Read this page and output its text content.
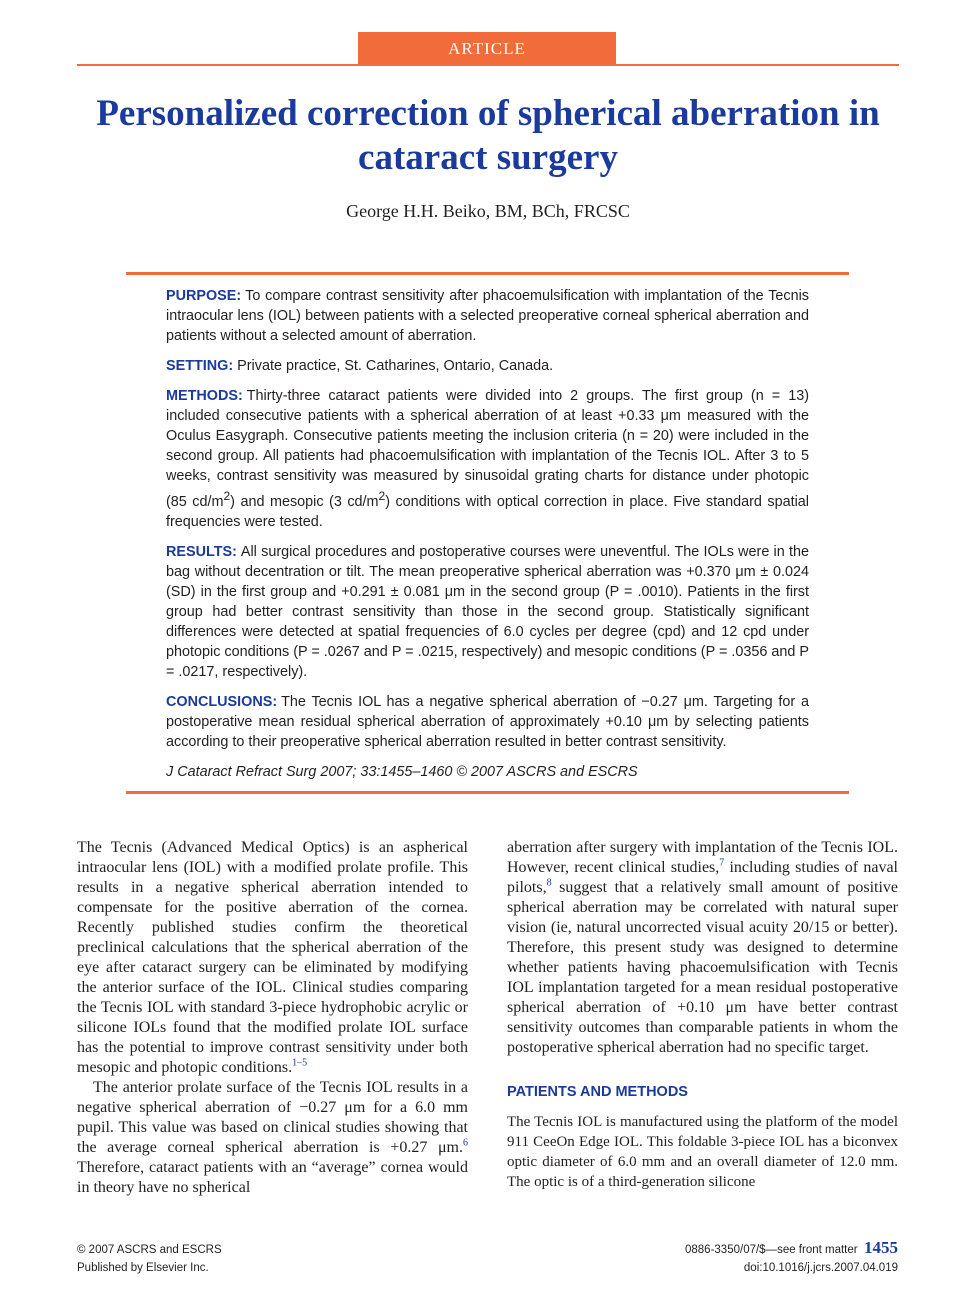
ARTICLE
Personalized correction of spherical aberration in cataract surgery
George H.H. Beiko, BM, BCh, FRCSC

PURPOSE: To compare contrast sensitivity after phacoemulsification with implantation of the Tecnis intraocular lens (IOL) between patients with a selected preoperative corneal spherical aberration and patients without a selected amount of aberration.

SETTING: Private practice, St. Catharines, Ontario, Canada.

METHODS: Thirty-three cataract patients were divided into 2 groups. The first group (n = 13) included consecutive patients with a spherical aberration of at least +0.33 μm measured with the Oculus Easygraph. Consecutive patients meeting the inclusion criteria (n = 20) were included in the second group. All patients had phacoemulsification with implantation of the Tecnis IOL. After 3 to 5 weeks, contrast sensitivity was measured by sinusoidal grating charts for distance under photopic (85 $cd/m^2$) and mesopic (3 $cd/m^2$) conditions with optical correction in place. Five standard spatial frequencies were tested.

RESULTS: All surgical procedures and postoperative courses were uneventful. The IOLs were in the bag without decentration or tilt. The mean preoperative spherical aberration was +0.370 μm ± 0.024 (SD) in the first group and +0.291 ± 0.081 μm in the second group (P = .0010). Patients in the first group had better contrast sensitivity than those in the second group. Statistically significant differences were detected at spatial frequencies of 6.0 cycles per degree (cpd) and 12 cpd under photopic conditions (P = .0267 and P = .0215, respectively) and mesopic conditions (P = .0356 and P = .0217, respectively).

CONCLUSIONS: The Tecnis IOL has a negative spherical aberration of −0.27 μm. Targeting for a postoperative mean residual spherical aberration of approximately +0.10 μm by selecting patients according to their preoperative spherical aberration resulted in better contrast sensitivity.

J Cataract Refract Surg 2007; 33:1455–1460 © 2007 ASCRS and ESCRS

The Tecnis (Advanced Medical Optics) is an aspherical intraocular lens (IOL) with a modified prolate profile. This results in a negative spherical aberration intended to compensate for the positive aberration of the cornea. Recently published studies confirm the theoretical preclinical calculations that the spherical aberration of the eye after cataract surgery can be eliminated by modifying the anterior surface of the IOL. Clinical studies comparing the Tecnis IOL with standard 3-piece hydrophobic acrylic or silicone IOLs found that the modified prolate IOL surface has the potential to improve contrast sensitivity under both mesopic and photopic conditions.$^{1-5}$

The anterior prolate surface of the Tecnis IOL results in a negative spherical aberration of −0.27 μm for a 6.0 mm pupil. This value was based on clinical studies showing that the average corneal spherical aberration is +0.27 μm.$^6$ Therefore, cataract patients with an “average” cornea would in theory have no spherical

aberration after surgery with implantation of the Tecnis IOL. However, recent clinical studies,$^7$ including studies of naval pilots,$^8$ suggest that a relatively small amount of positive spherical aberration may be correlated with natural super vision (ie, natural uncorrected visual acuity 20/15 or better). Therefore, this present study was designed to determine whether patients having phacoemulsification with Tecnis IOL implantation targeted for a mean residual postoperative spherical aberration of +0.10 μm have better contrast sensitivity outcomes than comparable patients in whom the postoperative spherical aberration had no specific target.

PATIENTS AND METHODS

The Tecnis IOL is manufactured using the platform of the model 911 CeeOn Edge IOL. This foldable 3-piece IOL has a biconvex optic diameter of 6.0 mm and an overall diameter of 12.0 mm. The optic is of a third-generation silicone

© 2007 ASCRS and ESCRS
Published by Elsevier Inc.
0886-3350/07/$—see front matter 1455
doi:10.1016/j.jcrs.2007.04.019
